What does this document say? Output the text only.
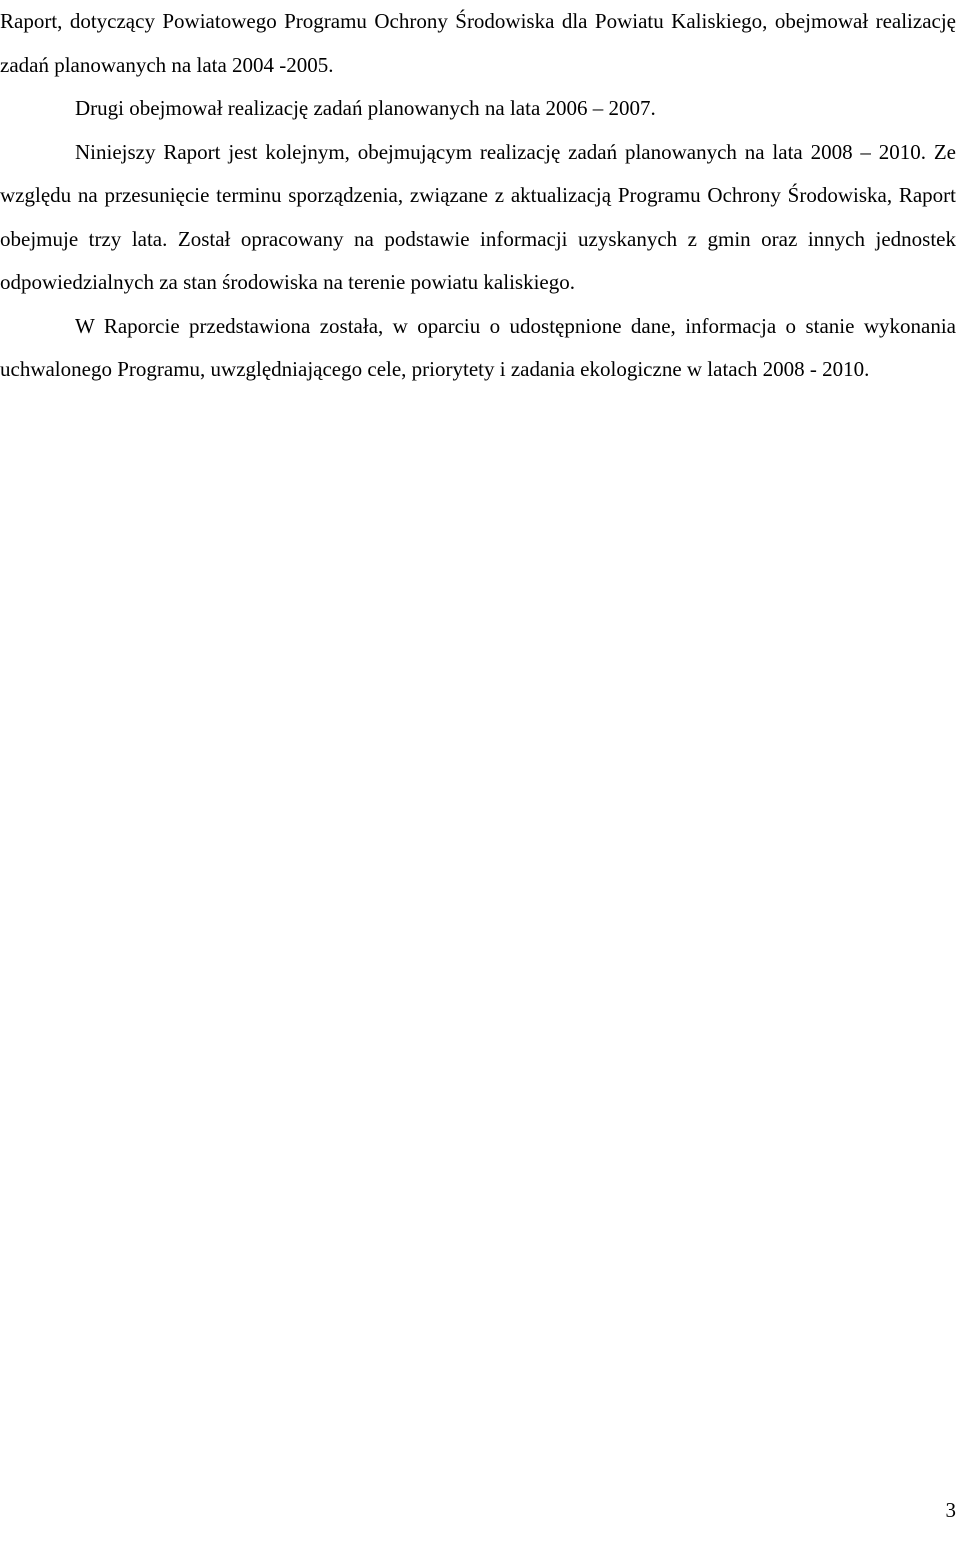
Raport, dotyczący Powiatowego Programu Ochrony Środowiska dla Powiatu Kaliskiego, obejmował realizację zadań planowanych na lata 2004 -2005.

Drugi obejmował realizację zadań planowanych na lata 2006 – 2007.

Niniejszy Raport jest kolejnym, obejmującym realizację zadań planowanych na lata 2008 – 2010. Ze względu na przesunięcie terminu sporządzenia, związane z aktualizacją Programu Ochrony Środowiska, Raport obejmuje trzy lata. Został opracowany na podstawie informacji uzyskanych z gmin oraz innych jednostek odpowiedzialnych za stan środowiska na terenie powiatu kaliskiego.

W Raporcie przedstawiona została, w oparciu o udostępnione dane, informacja o stanie wykonania uchwalonego Programu, uwzględniającego cele, priorytety i zadania ekologiczne w latach 2008 - 2010.

3
